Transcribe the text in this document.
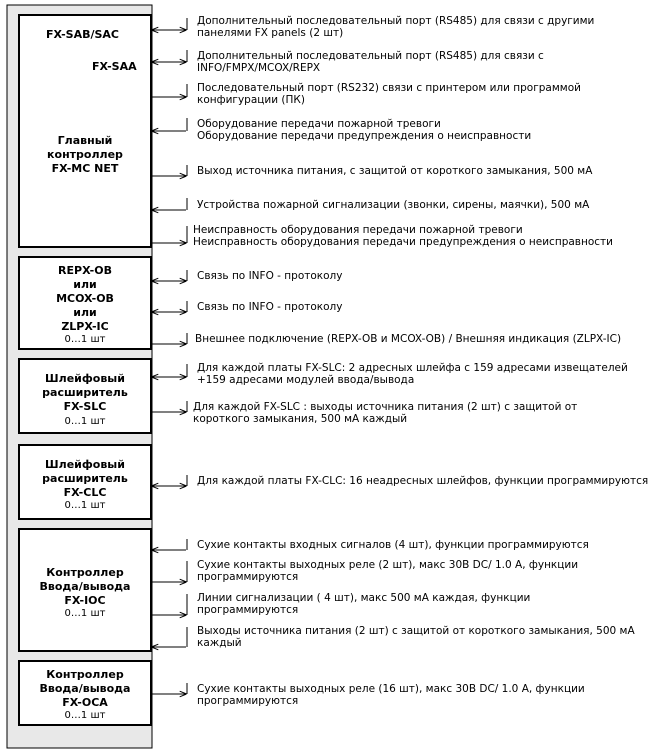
FX-SAB/SAC
FX-SAA
Главный
контроллер
FX-MC NET
REPX-OB
или
MCOX-OB
или
ZLPX-IC
0…1 шт
Шлейфовый
расширитель
FX-SLC
0…1 шт
Шлейфовый
расширитель
FX-CLC
0…1 шт
Контроллер
Ввода/вывода
FX-IOC
0…1 шт
Контроллер
Ввода/вывода
FX-OCA
0…1 шт
Дополнительный последовательный порт (RS485) для связи с другими
панелями FX panels (2 шт)
Дополнительный последовательный порт (RS485) для связи с
INFO/FMPX/MCOX/REPX
Последовательный порт (RS232) связи с принтером или программой
конфигурации (ПК)
Оборудование передачи пожарной тревоги
Оборудование передачи предупреждения о неисправности
Выход источника питания, с защитой от короткого замыкания, 500 мА
Устройства пожарной сигнализации (звонки, сирены, маячки), 500 мА
Неисправность оборудования передачи пожарной тревоги
Неисправность оборудования передачи предупреждения о неисправности
Связь по INFO - протоколу
Связь по INFO - протоколу
Внешнее подключение (REPX-OB и MCOX-OB) / Внешняя индикация (ZLPX-IC)
Для каждой платы FX-SLC: 2 адресных шлейфа с 159 адресами извещателей
+159 адресами модулей ввода/вывода
Для каждой FX-SLC : выходы источника питания (2 шт) с защитой от
короткого замыкания, 500 мА каждый
Для каждой платы FX-CLC: 16 неадресных шлейфов, функции программируются
Сухие контакты входных сигналов (4 шт), функции программируются
Сухие контакты выходных реле (2 шт), макс 30В DC/ 1.0 А, функции
программируются
Линии сигнализации ( 4 шт), макс 500 мА каждая, функции
программируются
Выходы источника питания (2 шт) с защитой от короткого замыкания, 500 мА
каждый
Сухие контакты выходных реле (16 шт), макс 30В DC/ 1.0 А, функции
программируются
